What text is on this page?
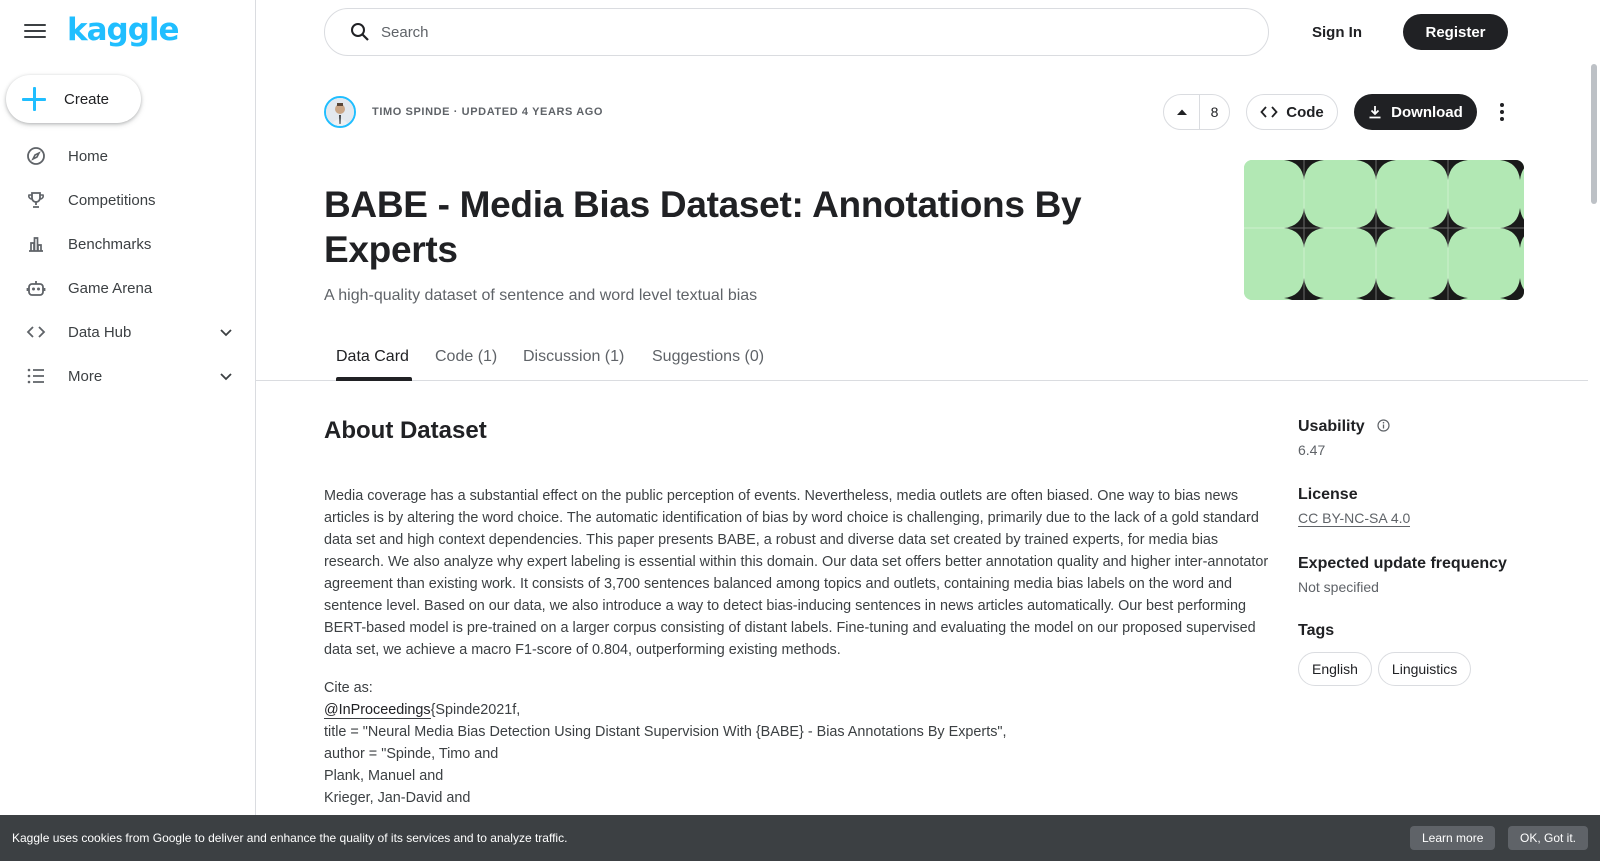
kaggle
Create
Home
Competitions
Benchmarks
Game Arena
Data Hub
More
Search
Sign In	Register
TIMO SPINDE · UPDATED 4 YEARS AGO	8	Code	Download
BABE - Media Bias Dataset: Annotations By Experts
A high-quality dataset of sentence and word level textual bias
Data Card Code (1) Discussion (1) Suggestions (0)
About Dataset

Media coverage has a substantial effect on the public perception of events. Nevertheless, media outlets are often biased. One way to bias news articles is by altering the word choice. The automatic identification of bias by word choice is challenging, primarily due to the lack of a gold standard data set and high context dependencies. This paper presents BABE, a robust and diverse data set created by trained experts, for media bias research. We also analyze why expert labeling is essential within this domain. Our data set offers better annotation quality and higher inter-annotator agreement than existing work. It consists of 3,700 sentences balanced among topics and outlets, containing media bias labels on the word and sentence level. Based on our data, we also introduce a way to detect bias-inducing sentences in news articles automatically. Our best performing BERT-based model is pre-trained on a larger corpus consisting of distant labels. Fine-tuning and evaluating the model on our proposed supervised data set, we achieve a macro F1-score of 0.804, outperforming existing methods.

Cite as:
@InProceedings{Spinde2021f,
title = "Neural Media Bias Detection Using Distant Supervision With {BABE} - Bias Annotations By Experts",
author = "Spinde, Timo and
Plank, Manuel and
Krieger, Jan-David and
Usability
6.47
License
CC BY-NC-SA 4.0
Expected update frequency
Not specified
Tags
English Linguistics
Kaggle uses cookies from Google to deliver and enhance the quality of its services and to analyze traffic.	Learn more	OK, Got it.
